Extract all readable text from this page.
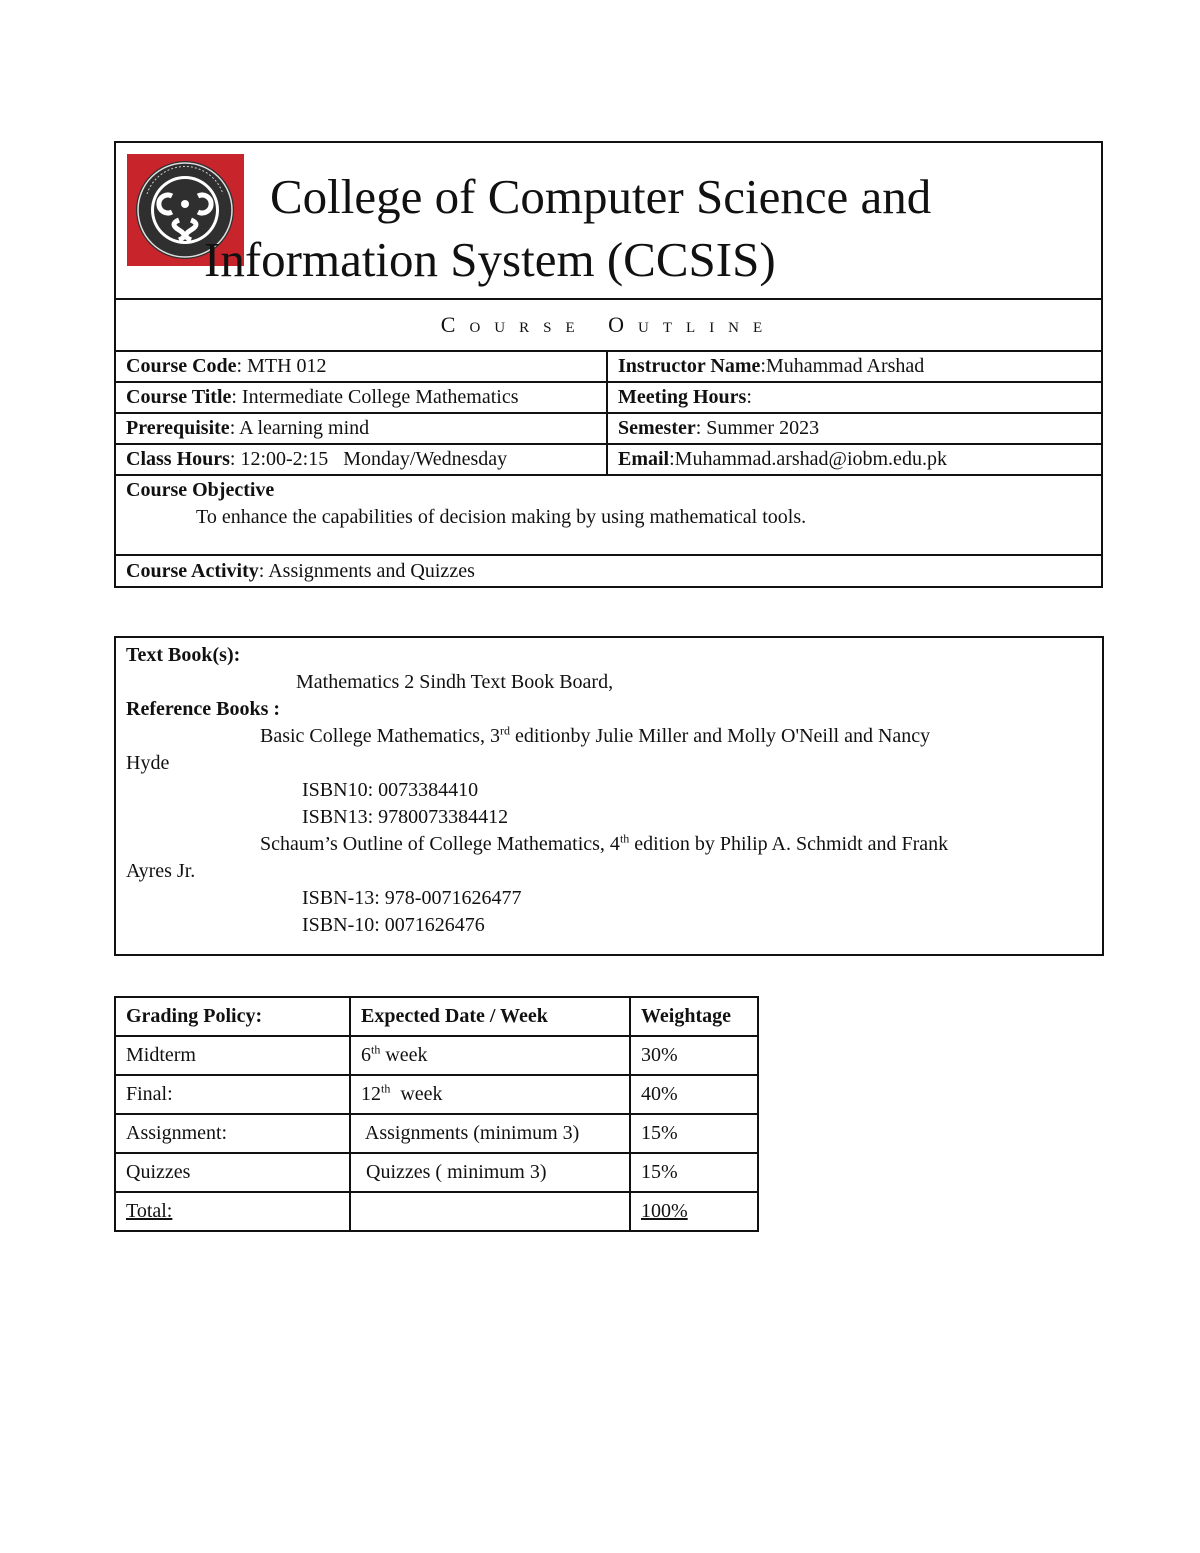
College of Computer Science and Information System (CCSIS)	

Course Outline	
Course Code: MTH 012	Instructor Name:Muhammad Arshad
Course Title: Intermediate College Mathematics	Meeting Hours:
Prerequisite: A learning mind	Semester: Summer 2023
Class Hours: 12:00-2:15   Monday/Wednesday	Email:Muhammad.arshad@iobm.edu.pk

Course Objective
To enhance the capabilities of decision making by using mathematical tools.	

Course Activity: Assignments and Quizzes	
Text Book(s):
Mathematics 2 Sindh Text Book Board,
Reference Books :
Basic College Mathematics, 3rd editionby Julie Miller and Molly O'Neill and Nancy
Hyde
ISBN10: 0073384410
ISBN13: 9780073384412
Schaum’s Outline of College Mathematics, 4th edition by Philip A. Schmidt and Frank
Ayres Jr.
ISBN-13: 978-0071626477
ISBN-10: 0071626476
Grading Policy:	Expected Date / Week	Weightage
Midterm	6th week	30%
Final:	12th  week	40%
Assignment:	Assignments (minimum 3)	15%
Quizzes	Quizzes ( minimum 3)	15%
Total:		100%
